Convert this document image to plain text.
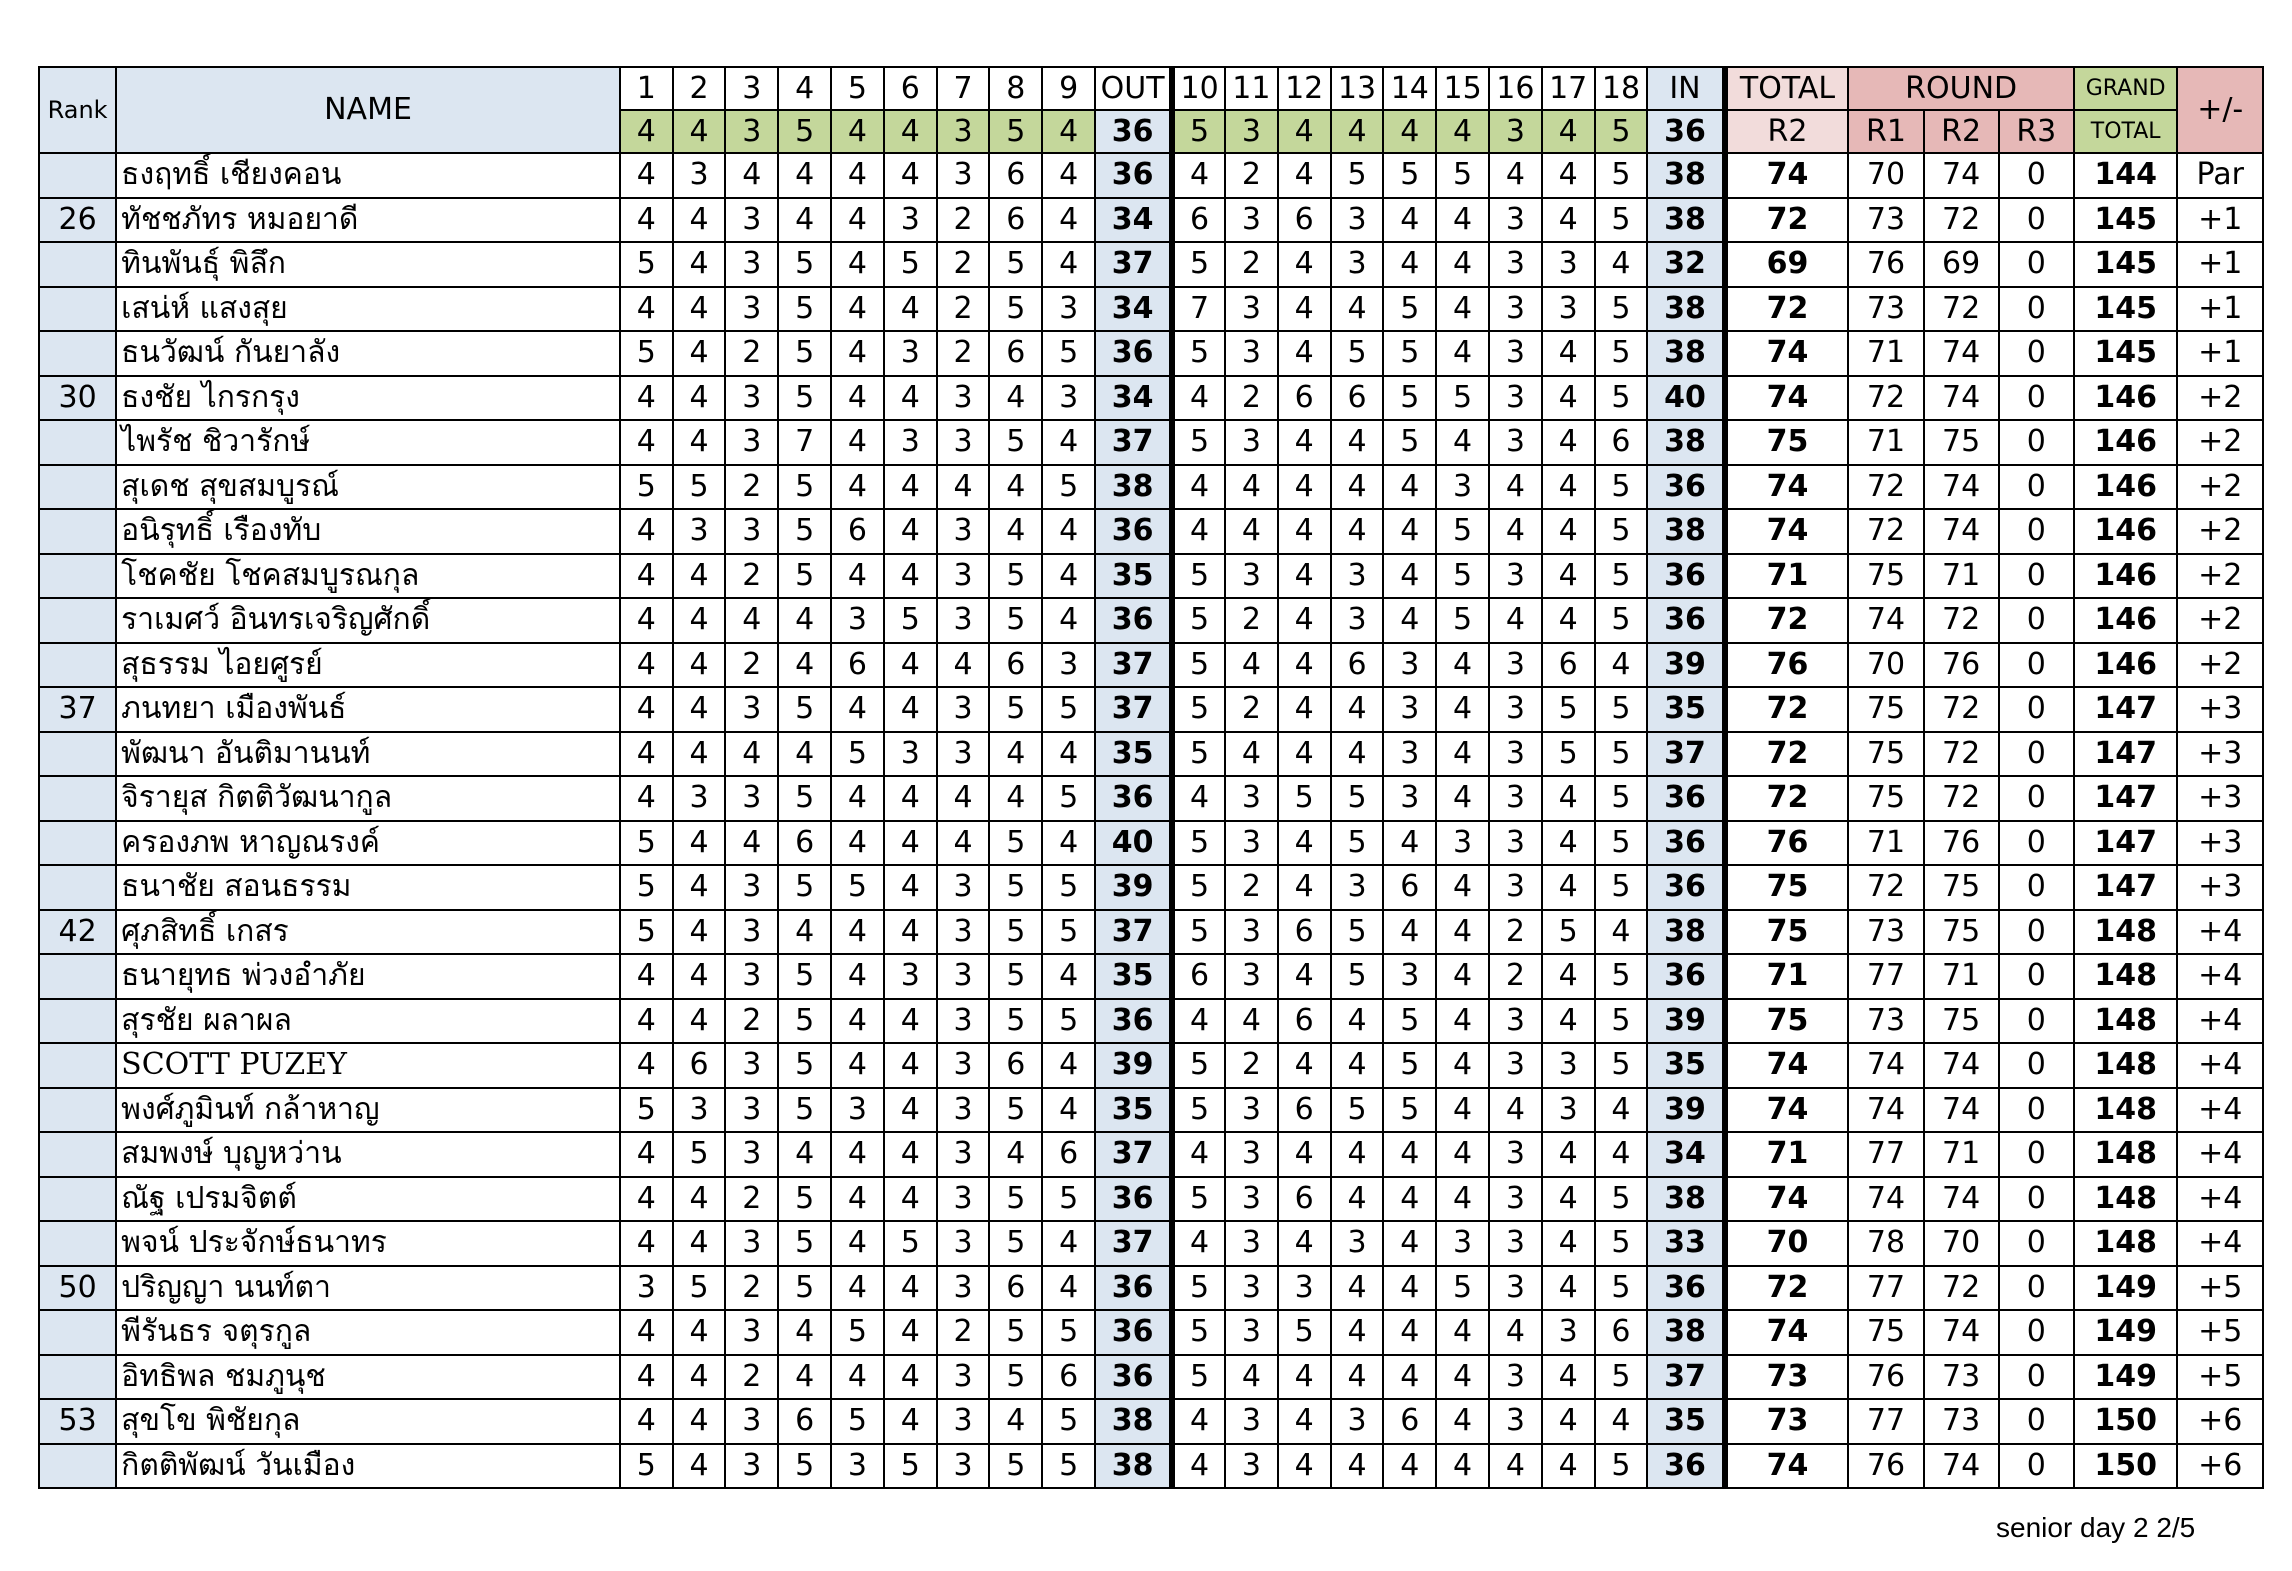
Rank	NAME	1	2	3	4	5	6	7	8	9	OUT	10	11	12	13	14	15	16	17	18	IN	TOTAL	ROUND			GRAND	+/-
		4	4	3	5	4	4	3	5	4	36	5	3	4	4	4	4	3	4	5	36	R2	R1	R2	R3	TOTAL	
	ธงฤทธิ์ เชียงคอน	4	3	4	4	4	4	3	6	4	36	4	2	4	5	5	5	4	4	5	38	74	70	74	0	144	Par
26	ทัชชภัทร หมอยาดี	4	4	3	4	4	3	2	6	4	34	6	3	6	3	4	4	3	4	5	38	72	73	72	0	145	+1
	ทินพันธุ์ พิลึก	5	4	3	5	4	5	2	5	4	37	5	2	4	3	4	4	3	3	4	32	69	76	69	0	145	+1
	เสน่ห์ แสงสุย	4	4	3	5	4	4	2	5	3	34	7	3	4	4	5	4	3	3	5	38	72	73	72	0	145	+1
	ธนวัฒน์ กันยาลัง	5	4	2	5	4	3	2	6	5	36	5	3	4	5	5	4	3	4	5	38	74	71	74	0	145	+1
30	ธงชัย ไกรกรุง	4	4	3	5	4	4	3	4	3	34	4	2	6	6	5	5	3	4	5	40	74	72	74	0	146	+2
	ไพรัช ชิวารักษ์	4	4	3	7	4	3	3	5	4	37	5	3	4	4	5	4	3	4	6	38	75	71	75	0	146	+2
	สุเดช สุขสมบูรณ์	5	5	2	5	4	4	4	4	5	38	4	4	4	4	4	3	4	4	5	36	74	72	74	0	146	+2
	อนิรุทธิ์ เรืองทับ	4	3	3	5	6	4	3	4	4	36	4	4	4	4	4	5	4	4	5	38	74	72	74	0	146	+2
	โชคชัย โชคสมบูรณกุล	4	4	2	5	4	4	3	5	4	35	5	3	4	3	4	5	3	4	5	36	71	75	71	0	146	+2
	ราเมศว์ อินทรเจริญศักดิ์	4	4	4	4	3	5	3	5	4	36	5	2	4	3	4	5	4	4	5	36	72	74	72	0	146	+2
	สุธรรม ไอยศูรย์	4	4	2	4	6	4	4	6	3	37	5	4	4	6	3	4	3	6	4	39	76	70	76	0	146	+2
37	ภนทยา เมืองพันธ์	4	4	3	5	4	4	3	5	5	37	5	2	4	4	3	4	3	5	5	35	72	75	72	0	147	+3
	พัฒนา อันติมานนท์	4	4	4	4	5	3	3	4	4	35	5	4	4	4	3	4	3	5	5	37	72	75	72	0	147	+3
	จิรายุส กิตติวัฒนากูล	4	3	3	5	4	4	4	4	5	36	4	3	5	5	3	4	3	4	5	36	72	75	72	0	147	+3
	ครองภพ หาญณรงค์	5	4	4	6	4	4	4	5	4	40	5	3	4	5	4	3	3	4	5	36	76	71	76	0	147	+3
	ธนาชัย สอนธรรม	5	4	3	5	5	4	3	5	5	39	5	2	4	3	6	4	3	4	5	36	75	72	75	0	147	+3
42	ศุภสิทธิ์ เกสร	5	4	3	4	4	4	3	5	5	37	5	3	6	5	4	4	2	5	4	38	75	73	75	0	148	+4
	ธนายุทธ พ่วงอำภัย	4	4	3	5	4	3	3	5	4	35	6	3	4	5	3	4	2	4	5	36	71	77	71	0	148	+4
	สุรชัย ผลาผล	4	4	2	5	4	4	3	5	5	36	4	4	6	4	5	4	3	4	5	39	75	73	75	0	148	+4
	SCOTT PUZEY	4	6	3	5	4	4	3	6	4	39	5	2	4	4	5	4	3	3	5	35	74	74	74	0	148	+4
	พงศ์ภูมินท์ กล้าหาญ	5	3	3	5	3	4	3	5	4	35	5	3	6	5	5	4	4	3	4	39	74	74	74	0	148	+4
	สมพงษ์ บุญหว่าน	4	5	3	4	4	4	3	4	6	37	4	3	4	4	4	4	3	4	4	34	71	77	71	0	148	+4
	ณัฐ เปรมจิตต์	4	4	2	5	4	4	3	5	5	36	5	3	6	4	4	4	3	4	5	38	74	74	74	0	148	+4
	พจน์ ประจักษ์ธนาทร	4	4	3	5	4	5	3	5	4	37	4	3	4	3	4	3	3	4	5	33	70	78	70	0	148	+4
50	ปริญญา นนท์ตา	3	5	2	5	4	4	3	6	4	36	5	3	3	4	4	5	3	4	5	36	72	77	72	0	149	+5
	พีรันธร จตุรกูล	4	4	3	4	5	4	2	5	5	36	5	3	5	4	4	4	4	3	6	38	74	75	74	0	149	+5
	อิทธิพล ชมภูนุช	4	4	2	4	4	4	3	5	6	36	5	4	4	4	4	4	3	4	5	37	73	76	73	0	149	+5
53	สุขโข พิชัยกุล	4	4	3	6	5	4	3	4	5	38	4	3	4	3	6	4	3	4	4	35	73	77	73	0	150	+6
	กิตติพัฒน์ วันเมือง	5	4	3	5	3	5	3	5	5	38	4	3	4	4	4	4	4	4	5	36	74	76	74	0	150	+6
senior day 2 2/5
